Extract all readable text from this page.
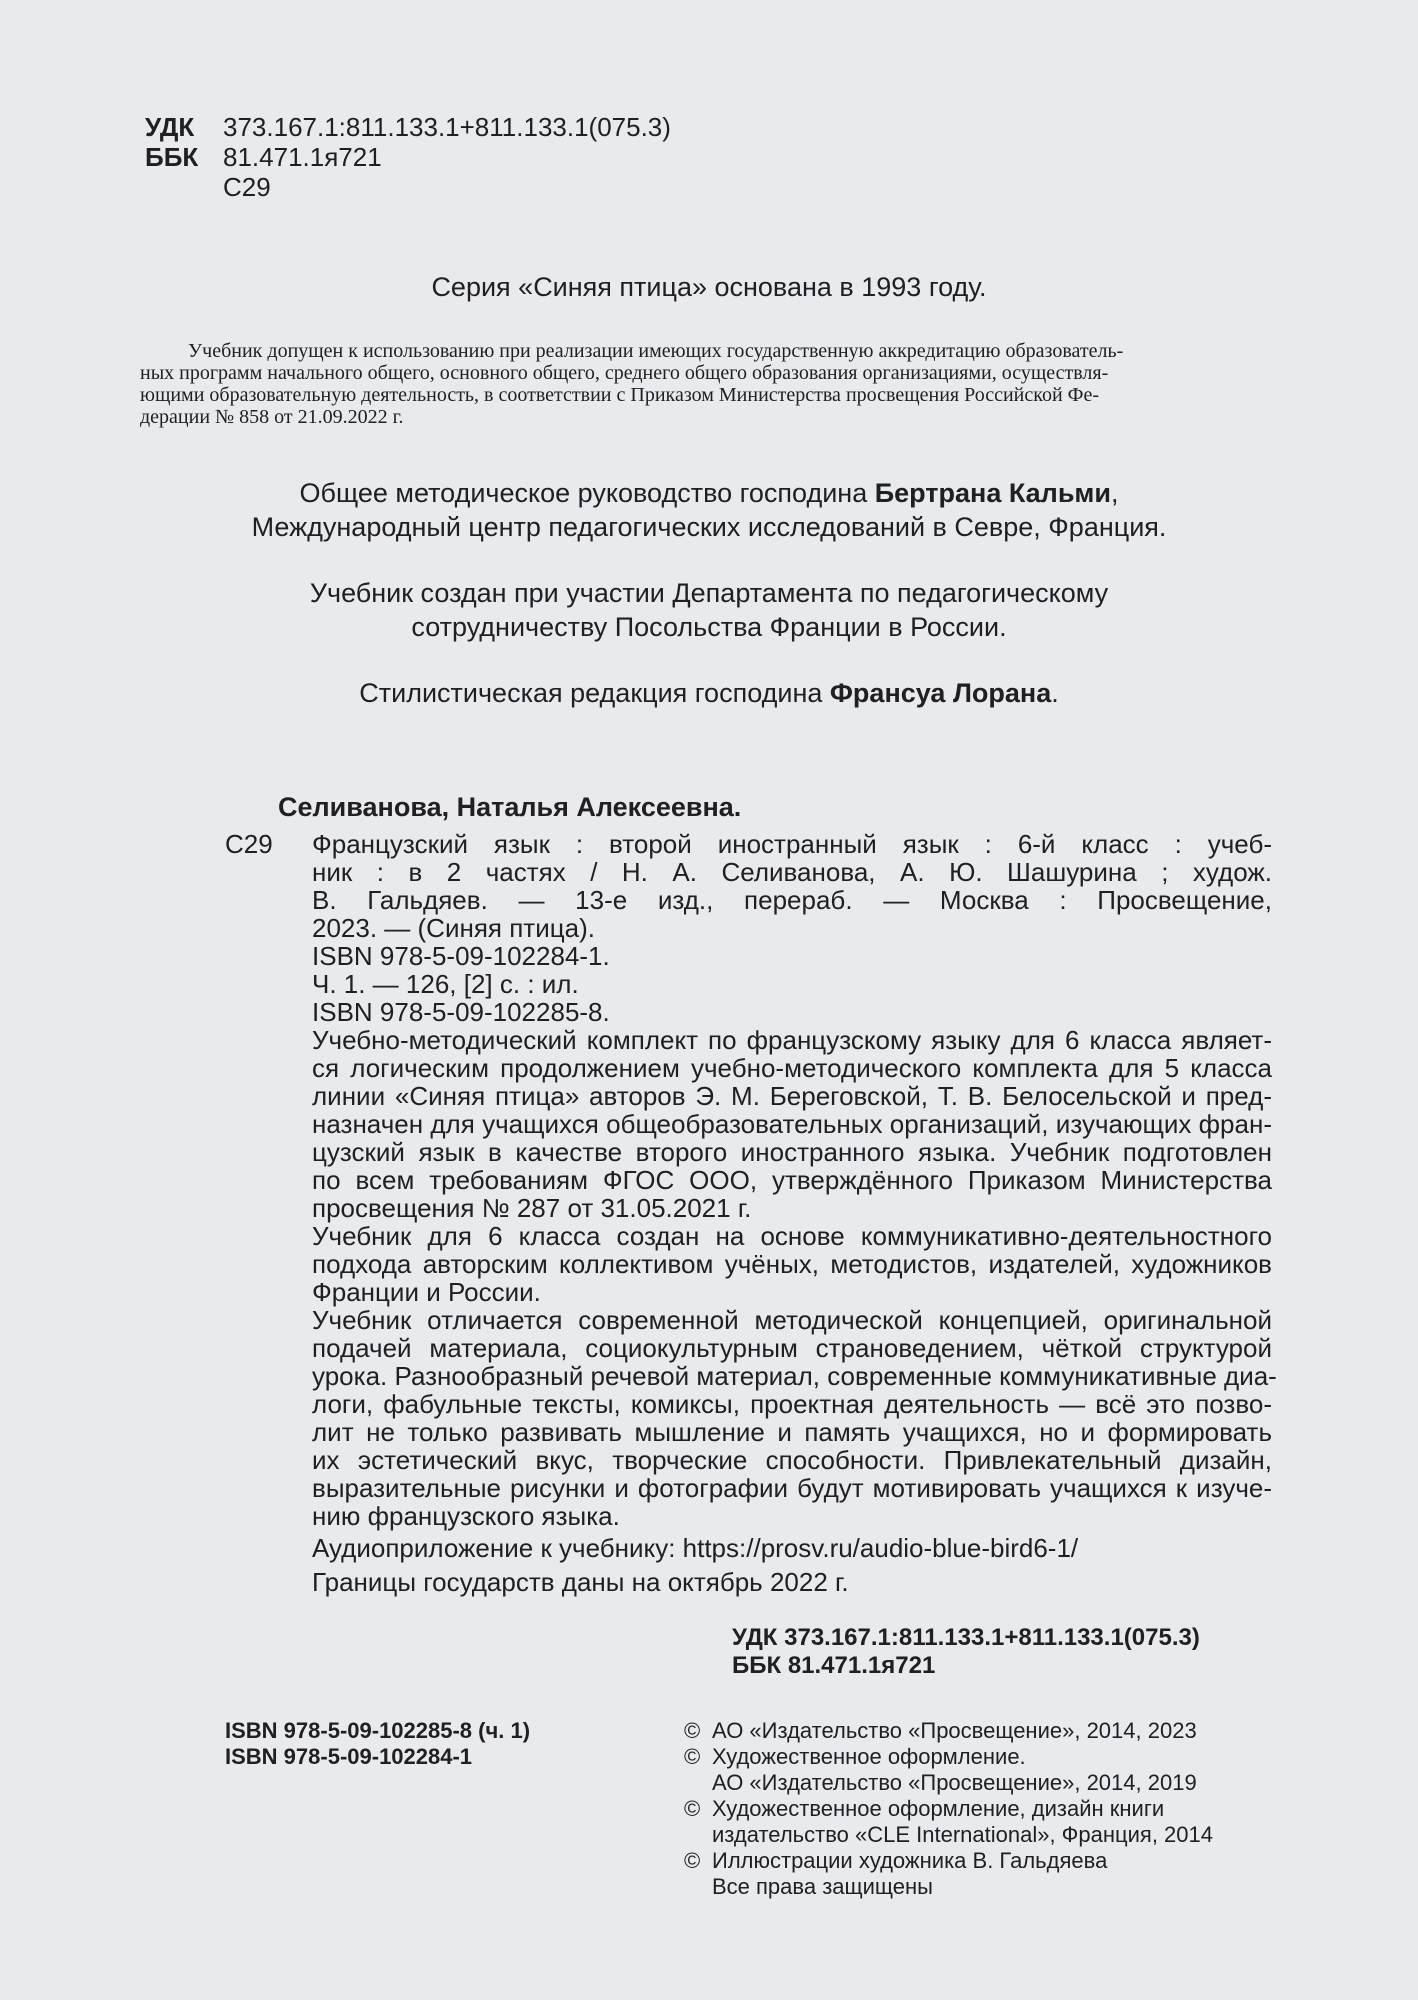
УДК 373.167.1:811.133.1+811.133.1(075.3)
ББК 81.471.1я721
С29
Серия «Синяя птица» основана в 1993 году.
Учебник допущен к использованию при реализации имеющих государственную аккредитацию образователь-
ных программ начального общего, основного общего, среднего общего образования организациями, осуществля-
ющими образовательную деятельность, в соответствии с Приказом Министерства просвещения Российской Фе-
дерации № 858 от 21.09.2022 г.
Общее методическое руководство господина Бертрана Кальми,
Международный центр педагогических исследований в Севре, Франция.
Учебник создан при участии Департамента по педагогическому
сотрудничеству Посольства Франции в России.
Стилистическая редакция господина Франсуа Лорана.
Селиванова, Наталья Алексеевна.
С29 Французский язык : второй иностранный язык : 6-й класс : учеб-
ник : в 2 частях / Н. А. Селиванова, А. Ю. Шашурина ; худож.
В. Гальдяев. — 13-е изд., перераб. — Москва : Просвещение,
2023. — (Синяя птица).
ISBN 978-5-09-102284-1.
Ч. 1. — 126, [2] с. : ил.
ISBN 978-5-09-102285-8.
Учебно-методический комплект по французскому языку для 6 класса являет-
ся логическим продолжением учебно-методического комплекта для 5 класса
линии «Синяя птица» авторов Э. М. Береговской, Т. В. Белосельской и пред-
назначен для учащихся общеобразовательных организаций, изучающих фран-
цузский язык в качестве второго иностранного языка. Учебник подготовлен
по всем требованиям ФГОС ООО, утверждённого Приказом Министерства
просвещения № 287 от 31.05.2021 г.
Учебник для 6 класса создан на основе коммуникативно-деятельностного
подхода авторским коллективом учёных, методистов, издателей, художников
Франции и России.
Учебник отличается современной методической концепцией, оригинальной
подачей материала, социокультурным страноведением, чёткой структурой
урока. Разнообразный речевой материал, современные коммуникативные диа-
логи, фабульные тексты, комиксы, проектная деятельность — всё это позво-
лит не только развивать мышление и память учащихся, но и формировать
их эстетический вкус, творческие способности. Привлекательный дизайн,
выразительные рисунки и фотографии будут мотивировать учащихся к изуче-
нию французского языка.
Аудиоприложение к учебнику: https://prosv.ru/audio-blue-bird6-1/
Границы государств даны на октябрь 2022 г.
УДК 373.167.1:811.133.1+811.133.1(075.3)
ББК 81.471.1я721
ISBN 978-5-09-102285-8 (ч. 1)
ISBN 978-5-09-102284-1
© АО «Издательство «Просвещение», 2014, 2023
© Художественное оформление.
АО «Издательство «Просвещение», 2014, 2019
© Художественное оформление, дизайн книги
издательство «CLE International», Франция, 2014
© Иллюстрации художника В. Гальдяева
Все права защищены
